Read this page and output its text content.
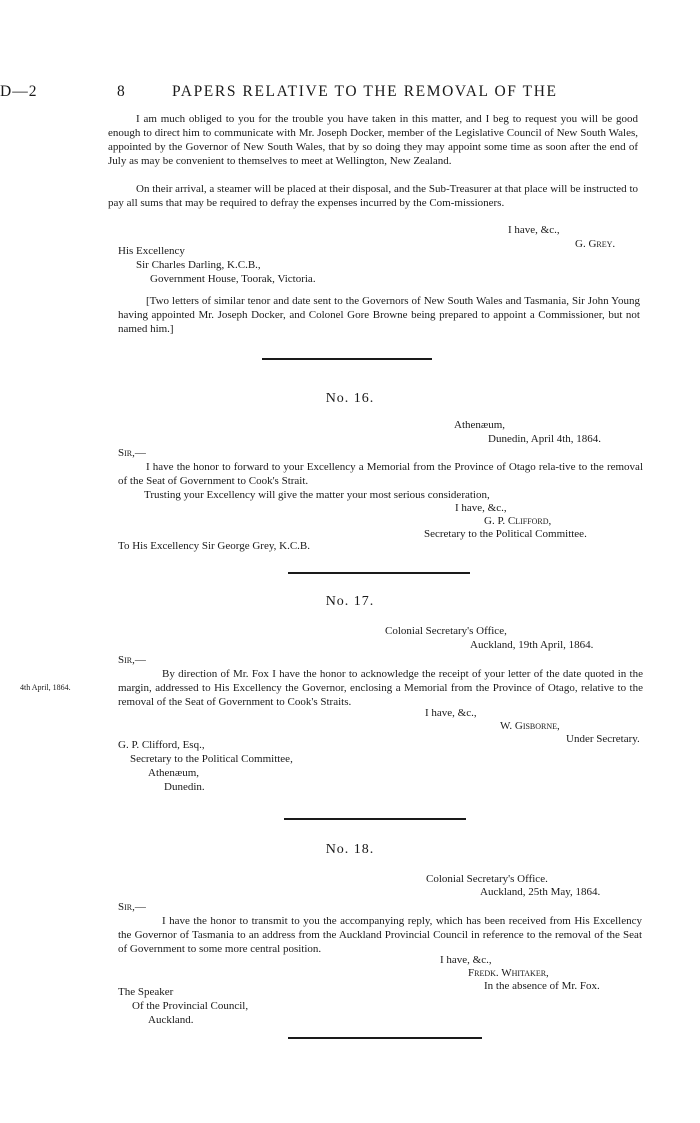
D—2	8	PAPERS RELATIVE TO THE REMOVAL OF THE
I am much obliged to you for the trouble you have taken in this matter, and I beg to request you will be good enough to direct him to communicate with Mr. Joseph Docker, member of the Legislative Council of New South Wales, appointed by the Governor of New South Wales, that by so doing they may appoint some time as soon after the end of July as may be convenient to themselves to meet at Wellington, New Zealand.
On their arrival, a steamer will be placed at their disposal, and the Sub-Treasurer at that place will be instructed to pay all sums that may be required to defray the expenses incurred by the Com-missioners.
I have, &c.,
G. Grey.
His Excellency
Sir Charles Darling, K.C.B.,
Government House, Toorak, Victoria.
[Two letters of similar tenor and date sent to the Governors of New South Wales and Tasmania, Sir John Young having appointed Mr. Joseph Docker, and Colonel Gore Browne being prepared to appoint a Commissioner, but not named him.]
No. 16.
Athenæum,
Dunedin, April 4th, 1864.
Sir,—
I have the honor to forward to your Excellency a Memorial from the Province of Otago rela-tive to the removal of the Seat of Government to Cook's Strait.
Trusting your Excellency will give the matter your most serious consideration,
I have, &c.,
G. P. Clifford,
Secretary to the Political Committee.
To His Excellency Sir George Grey, K.C.B.
No. 17.
Colonial Secretary's Office,
Auckland, 19th April, 1864.
Sir,—
4th April, 1864.
By direction of Mr. Fox I have the honor to acknowledge the receipt of your letter of the date quoted in the margin, addressed to His Excellency the Governor, enclosing a Memorial from the Province of Otago, relative to the removal of the Seat of Government to Cook's Straits.
I have, &c.,
W. Gisborne,
Under Secretary.
G. P. Clifford, Esq.,
Secretary to the Political Committee,
Athenæum,
Dunedin.
No. 18.
Colonial Secretary's Office.
Auckland, 25th May, 1864.
Sir,—
I have the honor to transmit to you the accompanying reply, which has been received from His Excellency the Governor of Tasmania to an address from the Auckland Provincial Council in reference to the removal of the Seat of Government to some more central position.
I have, &c.,
Fredk. Whitaker,
In the absence of Mr. Fox.
The Speaker
Of the Provincial Council,
Auckland.
